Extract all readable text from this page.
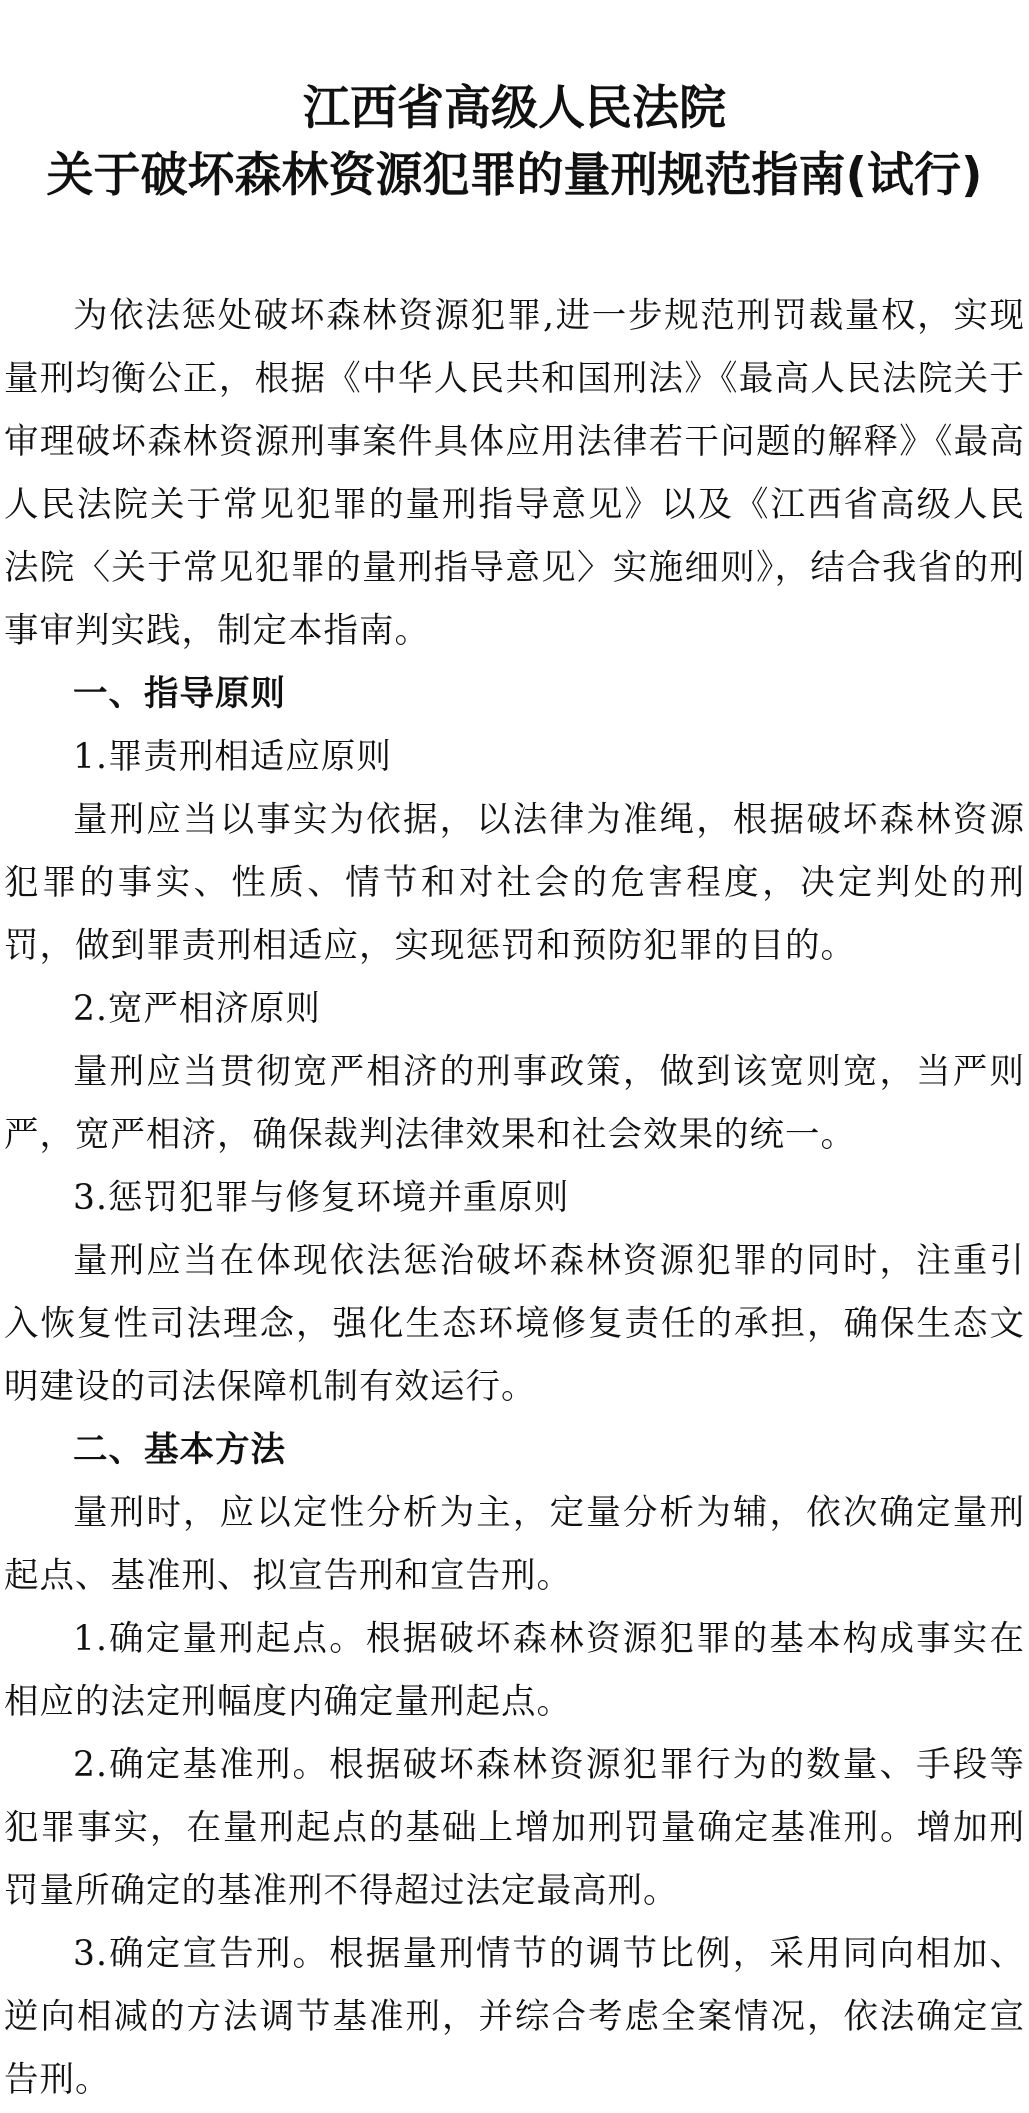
江西省高级人民法院
关于破坏森林资源犯罪的量刑规范指南(试行)

为依法惩处破坏森林资源犯罪,进一步规范刑罚裁量权，实现量刑均衡公正，根据《中华人民共和国刑法》《最高人民法院关于审理破坏森林资源刑事案件具体应用法律若干问题的解释》《最高人民法院关于常见犯罪的量刑指导意见》以及《江西省高级人民法院〈关于常见犯罪的量刑指导意见〉实施细则》，结合我省的刑事审判实践，制定本指南。

一、指导原则

1.罪责刑相适应原则

量刑应当以事实为依据，以法律为准绳，根据破坏森林资源犯罪的事实、性质、情节和对社会的危害程度，决定判处的刑罚，做到罪责刑相适应，实现惩罚和预防犯罪的目的。

2.宽严相济原则

量刑应当贯彻宽严相济的刑事政策，做到该宽则宽，当严则严，宽严相济，确保裁判法律效果和社会效果的统一。

3.惩罚犯罪与修复环境并重原则

量刑应当在体现依法惩治破坏森林资源犯罪的同时，注重引入恢复性司法理念，强化生态环境修复责任的承担，确保生态文明建设的司法保障机制有效运行。

二、基本方法

量刑时，应以定性分析为主，定量分析为辅，依次确定量刑起点、基准刑、拟宣告刑和宣告刑。

1.确定量刑起点。根据破坏森林资源犯罪的基本构成事实在相应的法定刑幅度内确定量刑起点。

2.确定基准刑。根据破坏森林资源犯罪行为的数量、手段等犯罪事实，在量刑起点的基础上增加刑罚量确定基准刑。增加刑罚量所确定的基准刑不得超过法定最高刑。

3.确定宣告刑。根据量刑情节的调节比例，采用同向相加、逆向相减的方法调节基准刑，并综合考虑全案情况，依法确定宣告刑。
